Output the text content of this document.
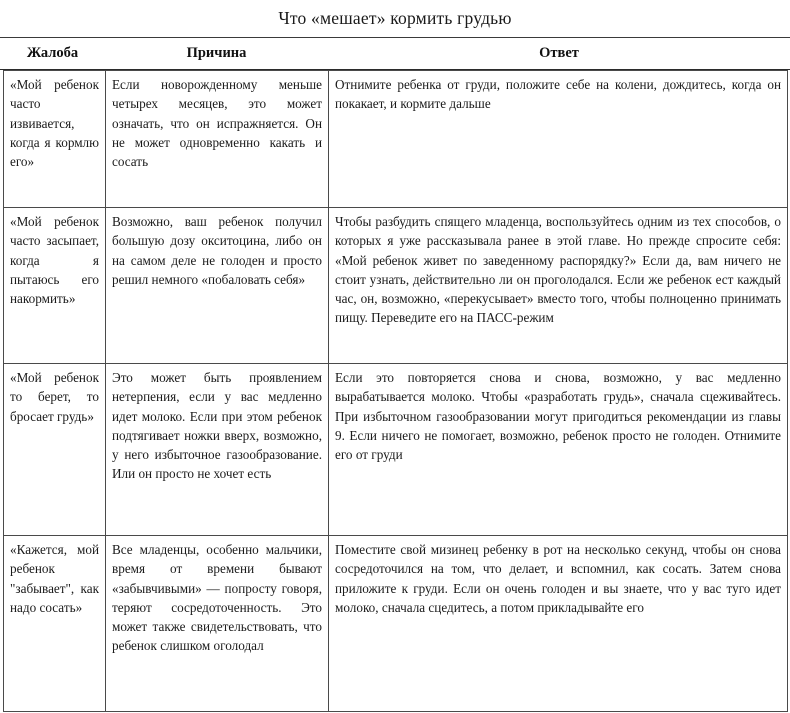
Что «мешает» кормить грудью
Жалоба	Причина	Ответ
«Мой ребенок часто извивается, когда я кормлю его»	Если новорожденному меньше четырех месяцев, это может означать, что он испражняется. Он не может одновременно какать и сосать	Отнимите ребенка от груди, положите себе на колени, дождитесь, когда он покакает, и кормите дальше
«Мой ребенок часто засыпает, когда я пытаюсь его накормить»	Возможно, ваш ребенок получил большую дозу окситоцина, либо он на самом деле не голоден и просто решил немного «побаловать себя»	Чтобы разбудить спящего младенца, воспользуйтесь одним из тех способов, о которых я уже рассказывала ранее в этой главе. Но прежде спросите себя: «Мой ребенок живет по заведенному распорядку?» Если да, вам ничего не стоит узнать, действительно ли он проголодался. Если же ребенок ест каждый час, он, возможно, «перекусывает» вместо того, чтобы полноценно принимать пищу. Переведите его на ПАСС-режим
«Мой ребенок то берет, то бросает грудь»	Это может быть проявлением нетерпения, если у вас медленно идет молоко. Если при этом ребенок подтягивает ножки вверх, возможно, у него избыточное газообразование. Или он просто не хочет есть	Если это повторяется снова и снова, возможно, у вас медленно вырабатывается молоко. Чтобы «разработать грудь», сначала сцеживайтесь. При избыточном газообразовании могут пригодиться рекомендации из главы 9. Если ничего не помогает, возможно, ребенок просто не голоден. Отнимите его от груди
«Кажется, мой ребенок "забывает", как надо сосать»	Все младенцы, особенно мальчики, время от времени бывают «забывчивыми» — попросту говоря, теряют сосредоточенность. Это может также свидетельствовать, что ребенок слишком оголодал	Поместите свой мизинец ребенку в рот на несколько секунд, чтобы он снова сосредоточился на том, что делает, и вспомнил, как сосать. Затем снова приложите к груди. Если он очень голоден и вы знаете, что у вас туго идет молоко, сначала сцедитесь, а потом прикладывайте его
